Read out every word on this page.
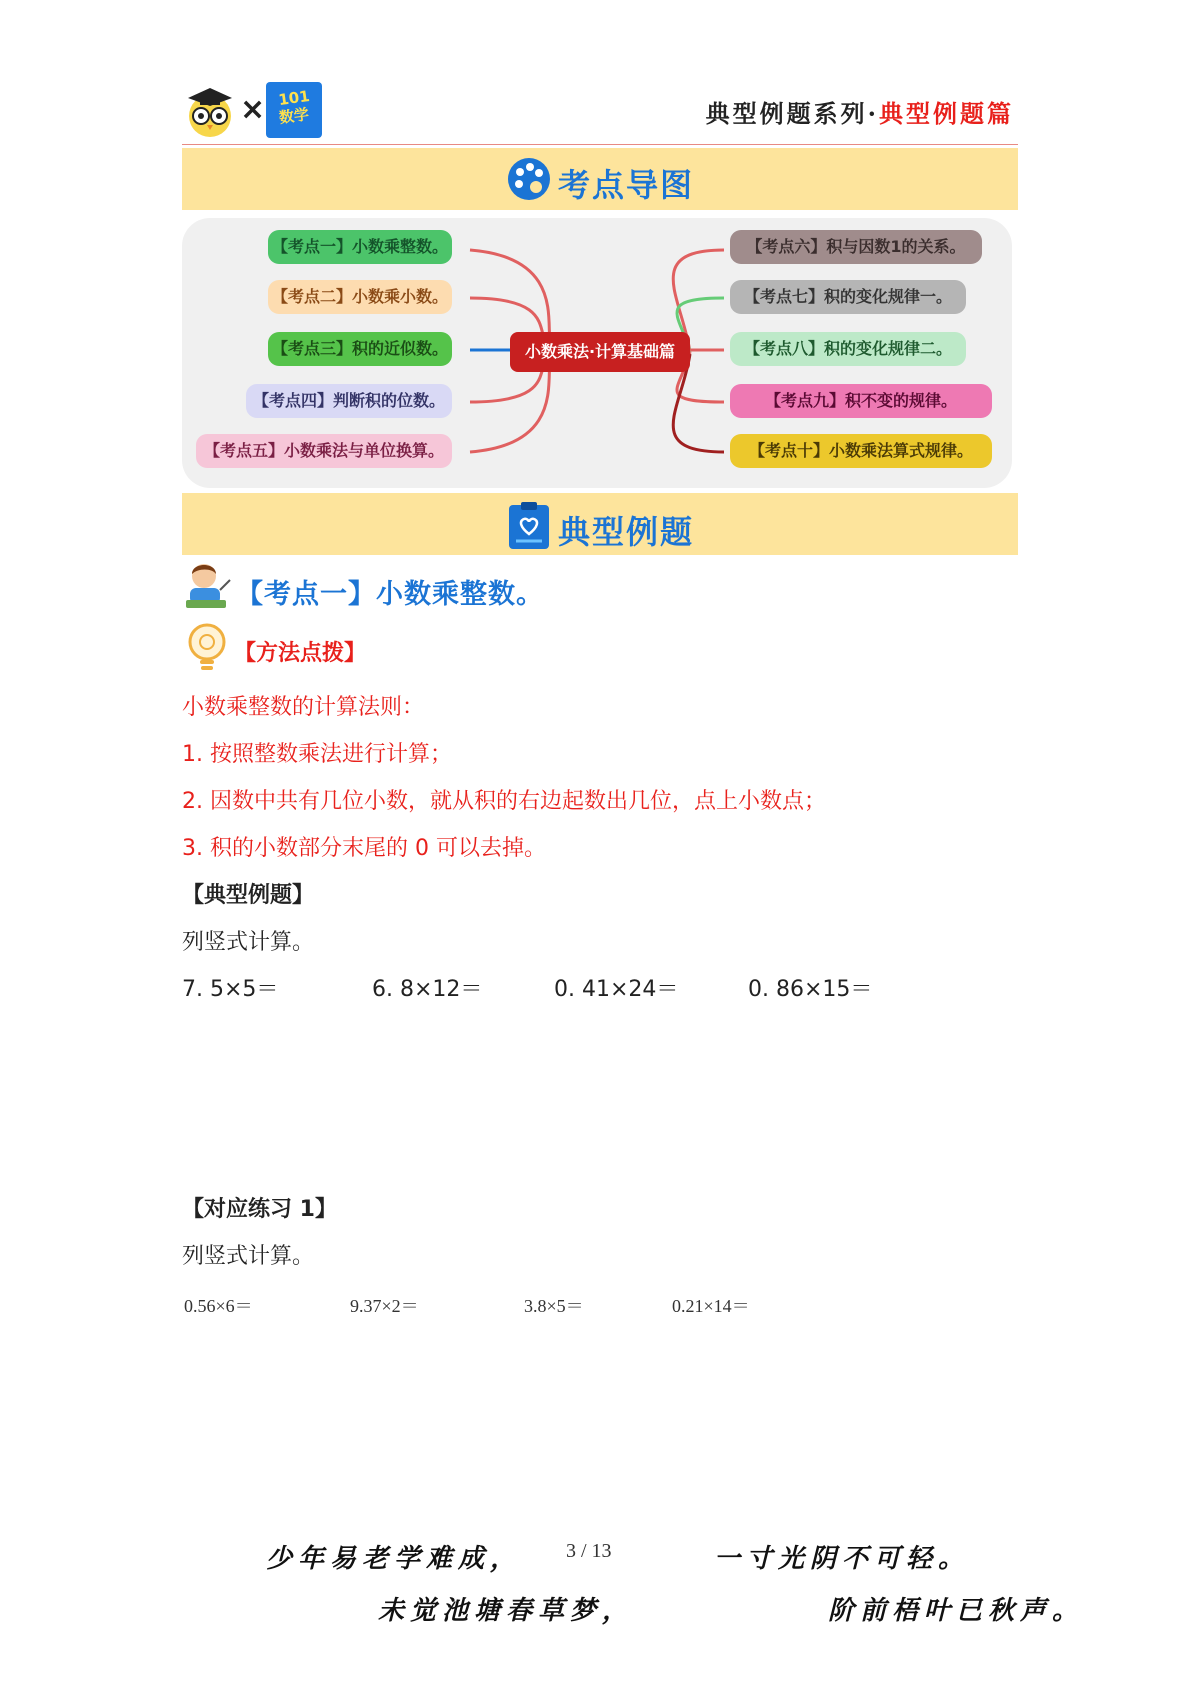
× 101
数学	典型例题系列·典型例题篇
考点导图
【考点一】小数乘整数。
【考点二】小数乘小数。
【考点三】积的近似数。
【考点四】判断积的位数。
【考点五】小数乘法与单位换算。
小数乘法·计算基础篇
【考点六】积与因数1的关系。
【考点七】积的变化规律一。
【考点八】积的变化规律二。
【考点九】积不变的规律。
【考点十】小数乘法算式规律。
典型例题
【考点一】小数乘整数。
【方法点拨】
小数乘整数的计算法则：
1. 按照整数乘法进行计算；
2. 因数中共有几位小数，就从积的右边起数出几位，点上小数点；
3. 积的小数部分末尾的 0 可以去掉。
【典型例题】
列竖式计算。
7. 5×5＝	6. 8×12＝	0. 41×24＝	0. 86×15＝
【对应练习 1】
列竖式计算。
0.56×6＝	9.37×2＝	3.8×5＝	0.21×14＝
少年易老学难成， 3 / 13	一寸光阴不可轻。
未觉池塘春草梦，	阶前梧叶已秋声。
